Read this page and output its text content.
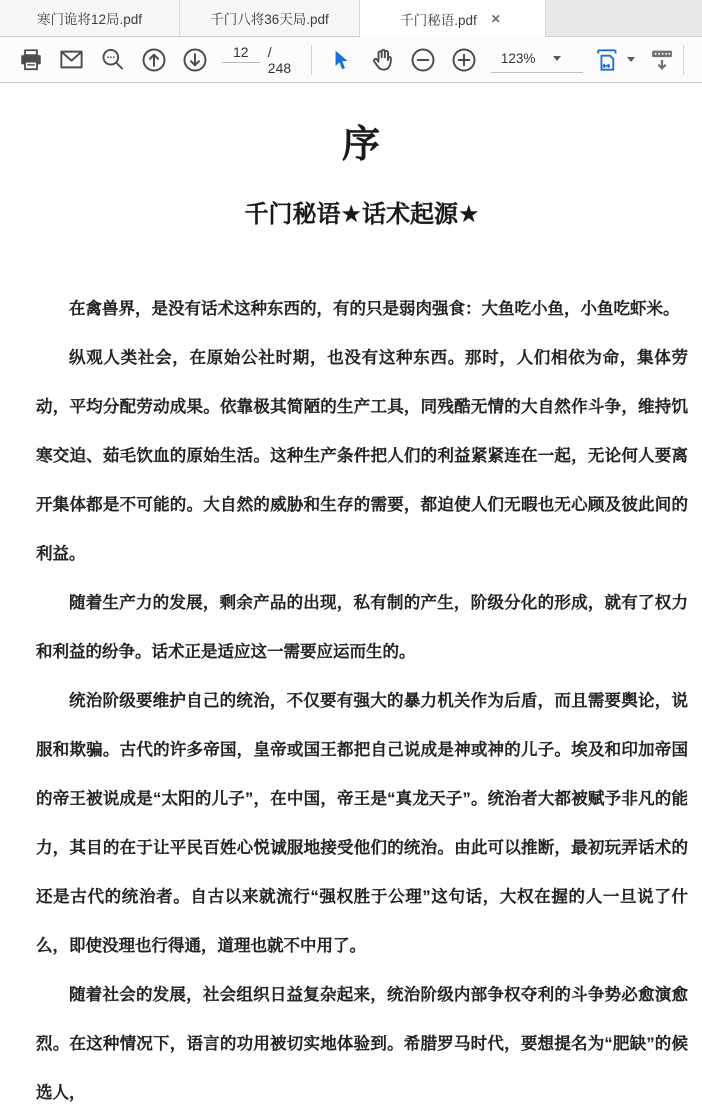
寒门诡将12局.pdf	千门八将36天局.pdf	千门秘语.pdf	✕
12
/ 248
123%
序
千门秘语★话术起源★

在禽兽界，是没有话术这种东西的，有的只是弱肉强食：大鱼吃小鱼，小鱼吃虾米。

纵观人类社会，在原始公社时期，也没有这种东西。那时，人们相依为命，集体劳动，平均分配劳动成果。依靠极其简陋的生产工具，同残酷无情的大自然作斗争，维持饥寒交迫、茹毛饮血的原始生活。这种生产条件把人们的利益紧紧连在一起，无论何人要离开集体都是不可能的。大自然的威胁和生存的需要，都迫使人们无暇也无心顾及彼此间的利益。

随着生产力的发展，剩余产品的出现，私有制的产生，阶级分化的形成，就有了权力和利益的纷争。话术正是适应这一需要应运而生的。

统治阶级要维护自己的统治，不仅要有强大的暴力机关作为后盾，而且需要舆论，说服和欺骗。古代的许多帝国，皇帝或国王都把自己说成是神或神的儿子。埃及和印加帝国的帝王被说成是“太阳的儿子”，在中国，帝王是“真龙天子”。统治者大都被赋予非凡的能力，其目的在于让平民百姓心悦诚服地接受他们的统治。由此可以推断，最初玩弄话术的还是古代的统治者。自古以来就流行“强权胜于公理”这句话，大权在握的人一旦说了什么，即使没理也行得通，道理也就不中用了。

随着社会的发展，社会组织日益复杂起来，统治阶级内部争权夺利的斗争势必愈演愈烈。在这种情况下，语言的功用被切实地体验到。希腊罗马时代，要想提名为“肥缺”的候选人，
